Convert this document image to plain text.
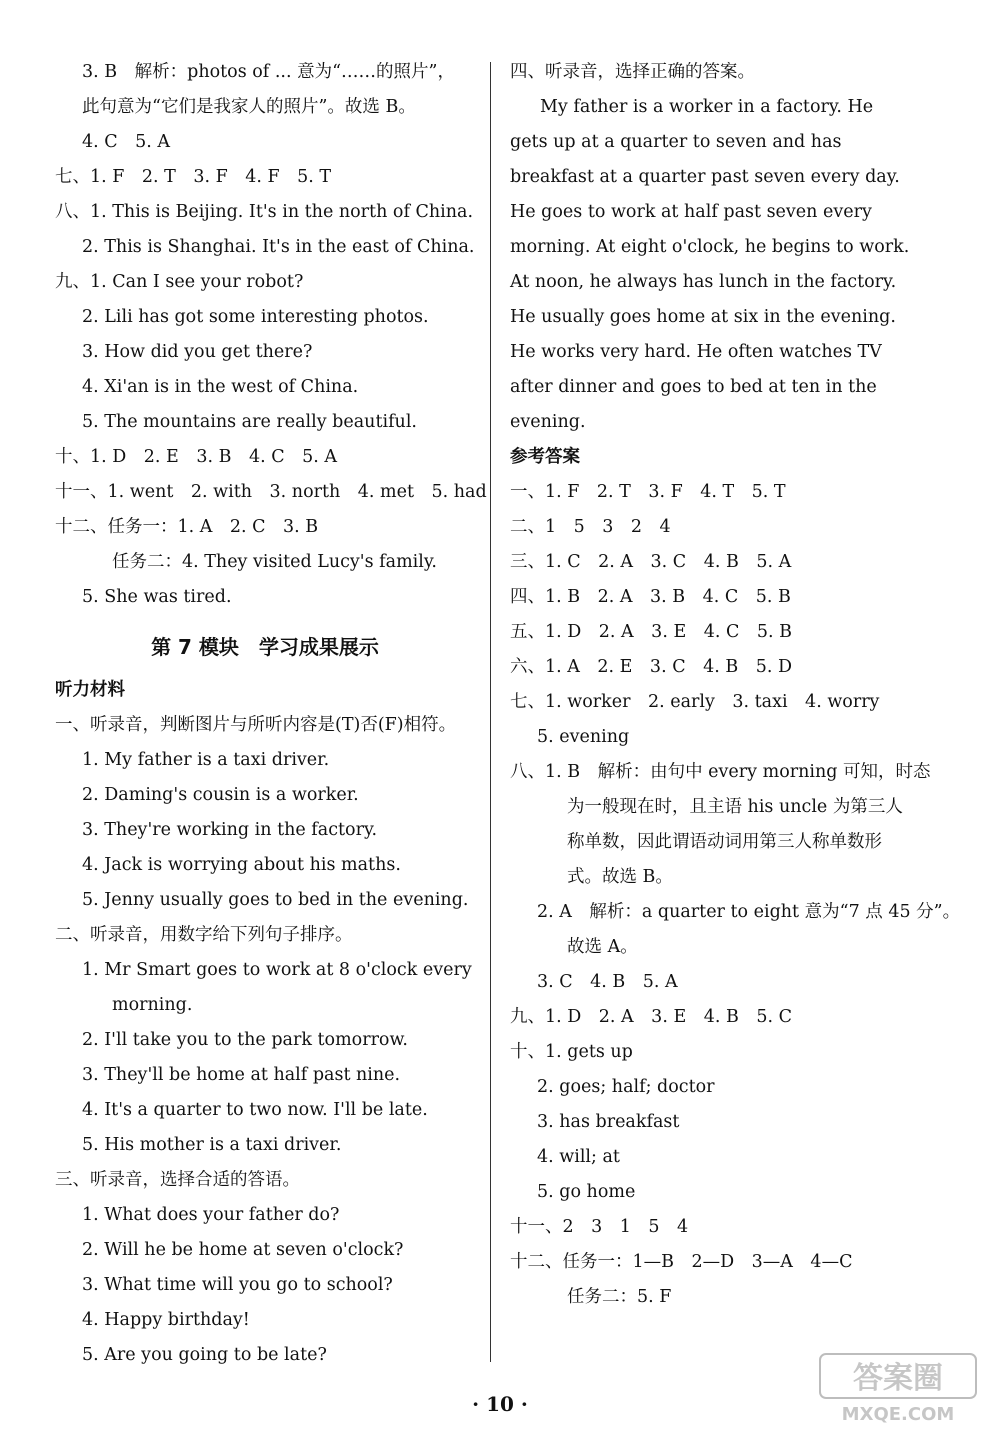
3. B　解析：photos of ... 意为“……的照片”，
此句意为“它们是我家人的照片”。故选 B。
4. C　5. A
七、1. F　2. T　3. F　4. F　5. T
八、1. This is Beijing. It's in the north of China.
2. This is Shanghai. It's in the east of China.
九、1. Can I see your robot?
2. Lili has got some interesting photos.
3. How did you get there?
4. Xi'an is in the west of China.
5. The mountains are really beautiful.
十、1. D　2. E　3. B　4. C　5. A
十一、1. went　2. with　3. north　4. met　5. had
十二、任务一：1. A　2. C　3. B
任务二：4. They visited Lucy's family.
5. She was tired.
第 7 模块　学习成果展示
听力材料
一、听录音，判断图片与所听内容是(T)否(F)相符。
1. My father is a taxi driver.
2. Daming's cousin is a worker.
3. They're working in the factory.
4. Jack is worrying about his maths.
5. Jenny usually goes to bed in the evening.
二、听录音，用数字给下列句子排序。
1. Mr Smart goes to work at 8 o'clock every
morning.
2. I'll take you to the park tomorrow.
3. They'll be home at half past nine.
4. It's a quarter to two now. I'll be late.
5. His mother is a taxi driver.
三、听录音，选择合适的答语。
1. What does your father do?
2. Will he be home at seven o'clock?
3. What time will you go to school?
4. Happy birthday!
5. Are you going to be late?
四、听录音，选择正确的答案。
My father is a worker in a factory. He
gets up at a quarter to seven and has
breakfast at a quarter past seven every day.
He goes to work at half past seven every
morning. At eight o'clock, he begins to work.
At noon, he always has lunch in the factory.
He usually goes home at six in the evening.
He works very hard. He often watches TV
after dinner and goes to bed at ten in the
evening.
参考答案
一、1. F　2. T　3. F　4. T　5. T
二、1　5　3　2　4
三、1. C　2. A　3. C　4. B　5. A
四、1. B　2. A　3. B　4. C　5. B
五、1. D　2. A　3. E　4. C　5. B
六、1. A　2. E　3. C　4. B　5. D
七、1. worker　2. early　3. taxi　4. worry
5. evening
八、1. B　解析：由句中 every morning 可知，时态
为一般现在时，且主语 his uncle 为第三人
称单数，因此谓语动词用第三人称单数形
式。故选 B。
2. A　解析：a quarter to eight 意为“7 点 45 分”。
故选 A。
3. C　4. B　5. A
九、1. D　2. A　3. E　4. B　5. C
十、1. gets up
2. goes; half; doctor
3. has breakfast
4. will; at
5. go home
十一、2　3　1　5　4
十二、任务一：1—B　2—D　3—A　4—C
任务二：5. F
· 10 ·
答案圈
MXQE.COM
